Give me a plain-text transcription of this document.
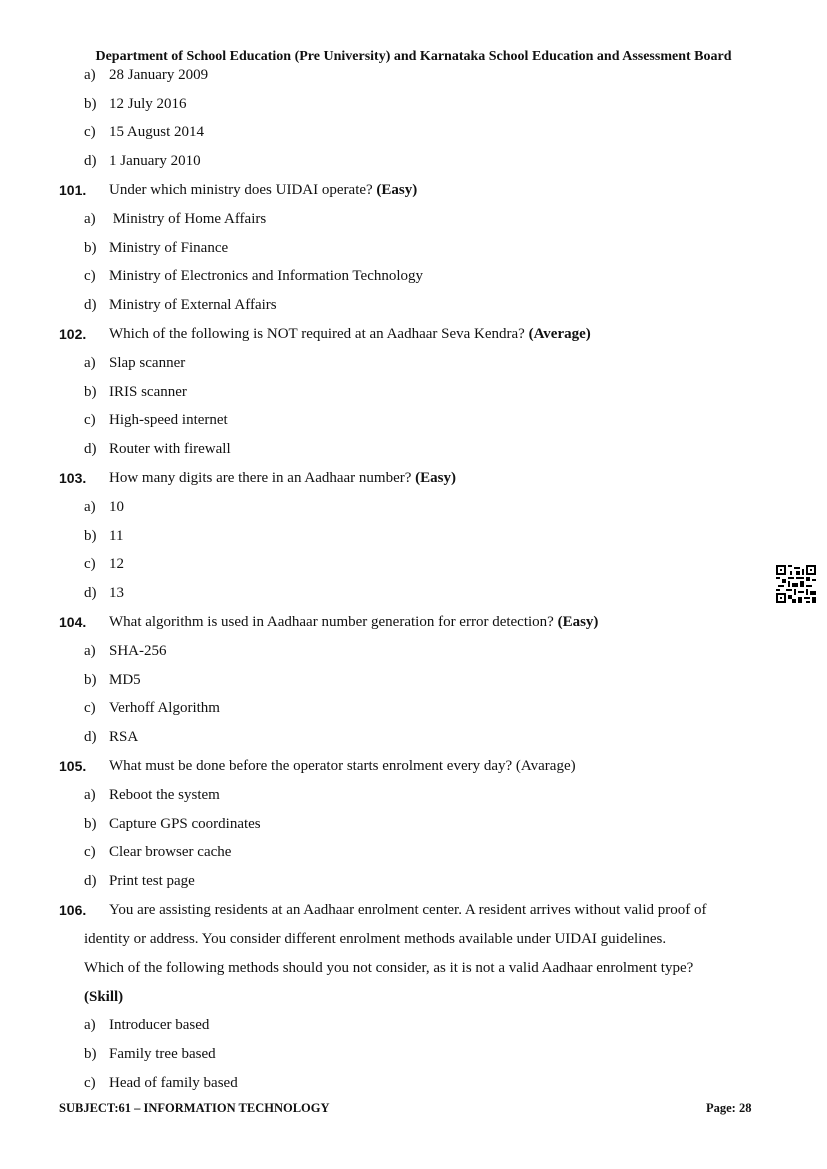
Department of School Education (Pre University) and Karnataka School Education and Assessment Board
a) 28 January 2009
b) 12 July 2016
c) 15 August 2014
d) 1 January 2010
101. Under which ministry does UIDAI operate? (Easy)
a) Ministry of Home Affairs
b) Ministry of Finance
c) Ministry of Electronics and Information Technology
d) Ministry of External Affairs
102. Which of the following is NOT required at an Aadhaar Seva Kendra? (Average)
a) Slap scanner
b) IRIS scanner
c) High-speed internet
d) Router with firewall
103. How many digits are there in an Aadhaar number? (Easy)
a) 10
b) 11
c) 12
d) 13
104. What algorithm is used in Aadhaar number generation for error detection? (Easy)
a) SHA-256
b) MD5
c) Verhoff Algorithm
d) RSA
105. What must be done before the operator starts enrolment every day? (Avarage)
a) Reboot the system
b) Capture GPS coordinates
c) Clear browser cache
d) Print test page
106. You are assisting residents at an Aadhaar enrolment center. A resident arrives without valid proof of
identity or address. You consider different enrolment methods available under UIDAI guidelines.
Which of the following methods should you not consider, as it is not a valid Aadhaar enrolment type?
(Skill)
a) Introducer based
b) Family tree based
c) Head of family based
SUBJECT:61 – INFORMATION TECHNOLOGY	Page: 28
